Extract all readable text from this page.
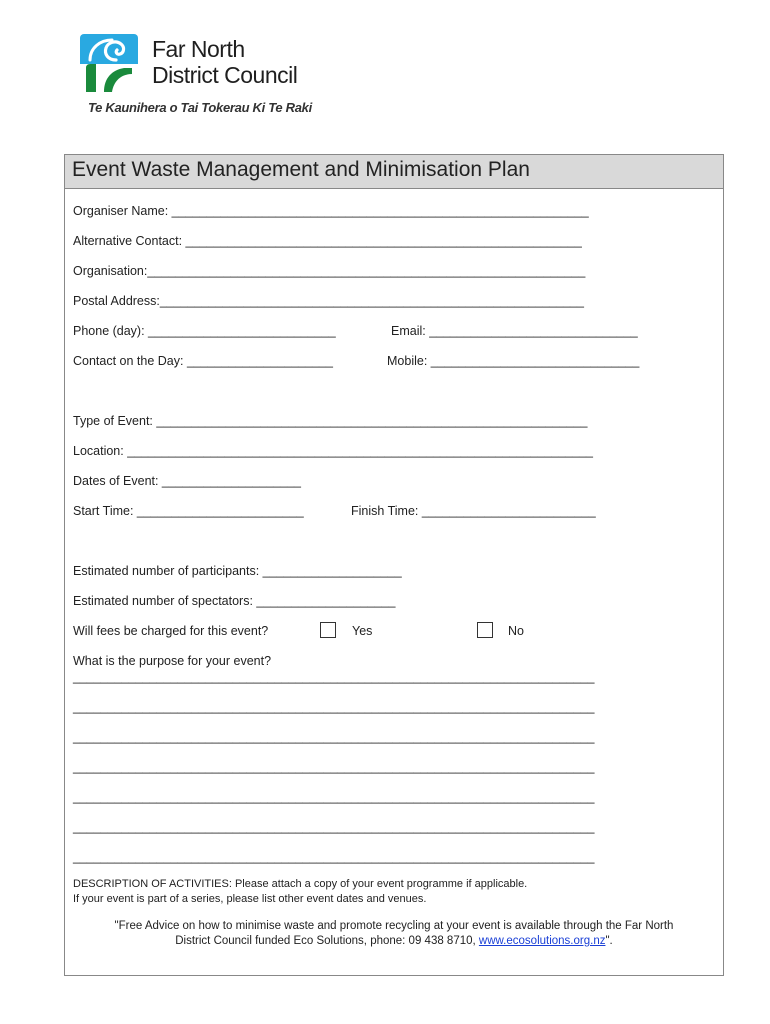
Far North
District Council
Te Kaunihera o Tai Tokerau Ki Te Raki
Event Waste Management and Minimisation Plan
Organiser Name: ____________________________________________________________
Alternative Contact: _________________________________________________________
Organisation:_______________________________________________________________
Postal Address:_____________________________________________________________
Phone (day): ___________________________	Email: ______________________________
Contact on the Day: _____________________	Mobile: ______________________________
Type of Event: ______________________________________________________________
Location: ___________________________________________________________________
Dates of Event: ____________________
Start Time: ________________________	Finish Time: _________________________
Estimated number of participants: ____________________
Estimated number of spectators: ____________________
Will fees be charged for this event?	Yes	No
What is the purpose for your event?
___________________________________________________________________________
___________________________________________________________________________
___________________________________________________________________________
___________________________________________________________________________
___________________________________________________________________________
___________________________________________________________________________
___________________________________________________________________________
DESCRIPTION OF ACTIVITIES: Please attach a copy of your event programme if applicable.
If your event is part of a series, please list other event dates and venues.
"Free Advice on how to minimise waste and promote recycling at your event is available through the Far North
District Council funded Eco Solutions, phone: 09 438 8710, www.ecosolutions.org.nz".
